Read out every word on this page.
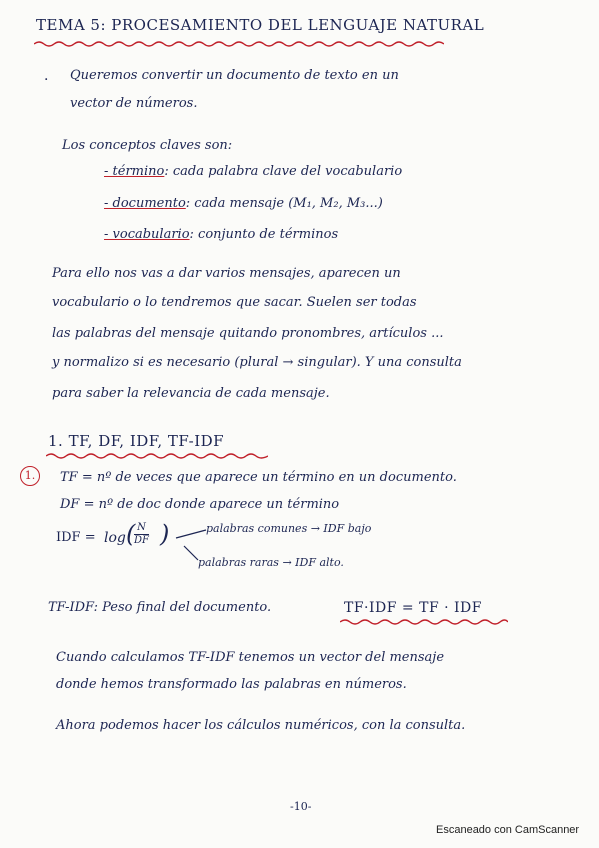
TEMA 5: PROCESAMIENTO DEL LENGUAJE NATURAL
· Queremos convertir un documento de texto en un
vector de números.
Los conceptos claves son:
- término: cada palabra clave del vocabulario
- documento: cada mensaje (M₁, M₂, M₃...)
- vocabulario: conjunto de términos
Para ello nos vas a dar varios mensajes, aparecen un
vocabulario o lo tendremos que sacar. Suelen ser todas
las palabras del mensaje quitando pronombres, artículos ...
y normalizo si es necesario (plural → singular). Y una consulta
para saber la relevancia de cada mensaje.
1. TF, DF, IDF, TF-IDF
1.	TF = nº de veces que aparece un término en un documento.
DF = nº de doc donde aparece un término
IDF = log (
$\frac{N}{DF}$ )	palabras comunes → IDF bajo
palabras raras → IDF alto.
TF-IDF: Peso final del documento.	TF·IDF = TF · IDF
Cuando calculamos TF-IDF tenemos un vector del mensaje
donde hemos transformado las palabras en números.
Ahora podemos hacer los cálculos numéricos, con la consulta.
-10-
Escaneado con CamScanner
